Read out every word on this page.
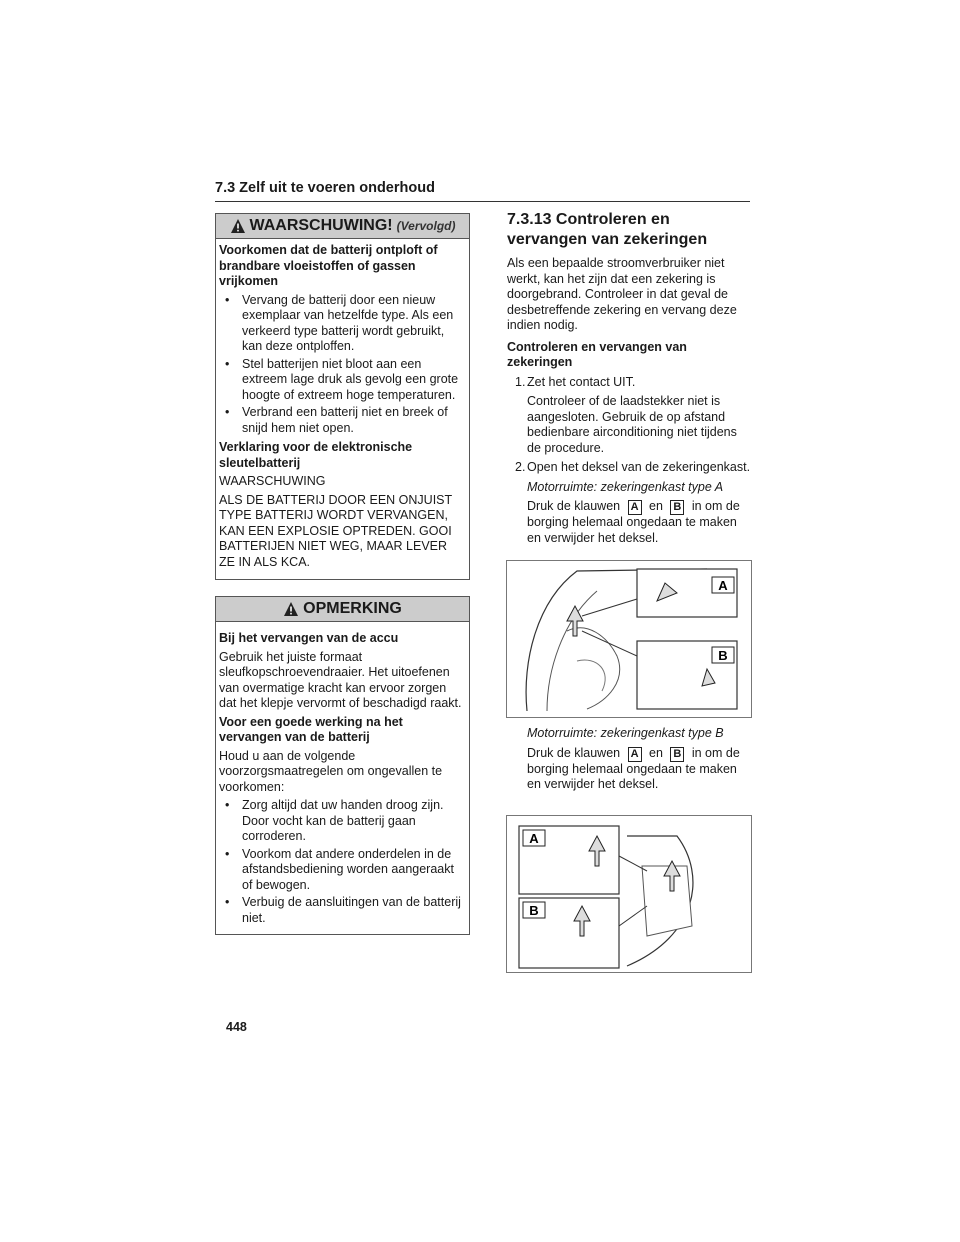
7.3 Zelf uit te voeren onderhoud
WAARSCHUWING! (Vervolgd)
Voorkomen dat de batterij ontploft of brandbare vloeistoffen of gassen vrijkomen
• Vervang de batterij door een nieuw exemplaar van hetzelfde type. Als een verkeerd type batterij wordt gebruikt, kan deze ontploffen.
• Stel batterijen niet bloot aan een extreem lage druk als gevolg een grote hoogte of extreem hoge temperaturen.
• Verbrand een batterij niet en breek of snijd hem niet open.
Verklaring voor de elektronische sleutelbatterij
WAARSCHUWING
ALS DE BATTERIJ DOOR EEN ONJUIST TYPE BATTERIJ WORDT VERVANGEN, KAN EEN EXPLOSIE OPTREDEN. GOOI BATTERIJEN NIET WEG, MAAR LEVER ZE IN ALS KCA.
OPMERKING
Bij het vervangen van de accu
Gebruik het juiste formaat sleufkopschroevendraaier. Het uitoefenen van overmatige kracht kan ervoor zorgen dat het klepje vervormt of beschadigd raakt.
Voor een goede werking na het vervangen van de batterij
Houd u aan de volgende voorzorgsmaatregelen om ongevallen te voorkomen:
• Zorg altijd dat uw handen droog zijn. Door vocht kan de batterij gaan corroderen.
• Voorkom dat andere onderdelen in de afstandsbediening worden aangeraakt of bewogen.
• Verbuig de aansluitingen van de batterij niet.
7.3.13 Controleren en vervangen van zekeringen
Als een bepaalde stroomverbruiker niet werkt, kan het zijn dat een zekering is doorgebrand. Controleer in dat geval de desbetreffende zekering en vervang deze indien nodig.
Controleren en vervangen van zekeringen
1. Zet het contact UIT.
Controleer of de laadstekker niet is aangesloten. Gebruik de op afstand bedienbare airconditioning niet tijdens de procedure.
2. Open het deksel van de zekeringenkast.
Motorruimte: zekeringenkast type A
Druk de klauwen A en B in om de borging helemaal ongedaan te maken en verwijder het deksel.
A
B
Motorruimte: zekeringenkast type B
Druk de klauwen A en B in om de borging helemaal ongedaan te maken en verwijder het deksel.
A
B
448
